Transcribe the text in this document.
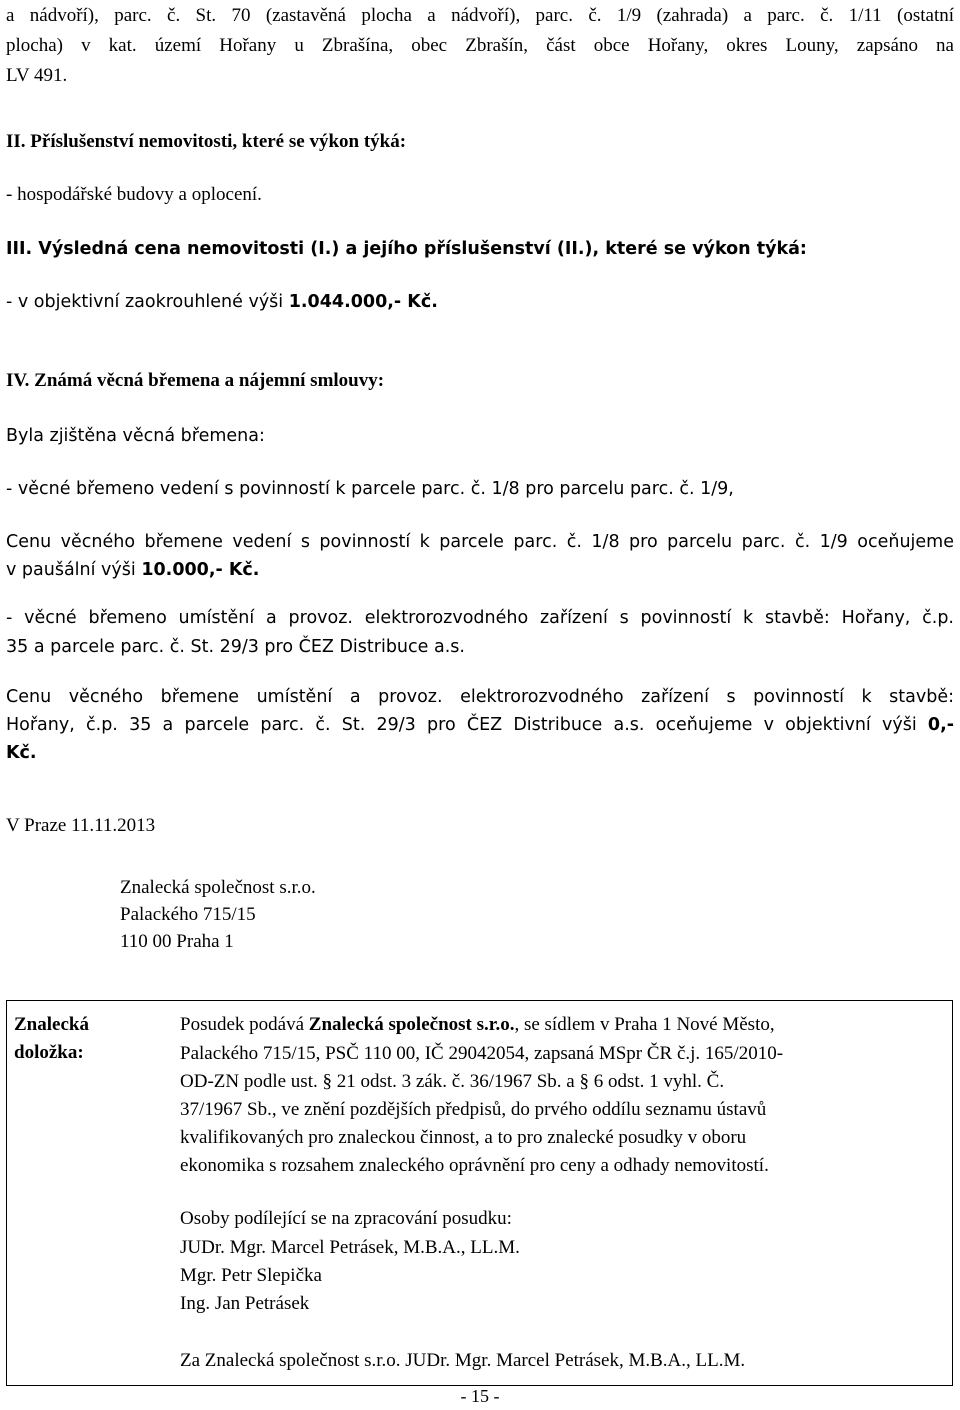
a nádvoří), parc. č. St. 70 (zastavěná plocha a nádvoří), parc. č. 1/9 (zahrada) a parc. č. 1/11 (ostatní
plocha) v kat. území Hořany u Zbrašína, obec Zbrašín, část obce Hořany, okres Louny, zapsáno na
LV 491.
II. Příslušenství nemovitosti, které se výkon týká:
- hospodářské budovy a oplocení.
III. Výsledná cena nemovitosti (I.) a jejího příslušenství (II.), které se výkon týká:
- v objektivní zaokrouhlené výši 1.044.000,- Kč.
IV. Známá věcná břemena a nájemní smlouvy:
Byla zjištěna věcná břemena:
- věcné břemeno vedení s povinností k parcele parc. č. 1/8 pro parcelu parc. č. 1/9,
Cenu věcného břemene vedení s povinností k parcele parc. č. 1/8 pro parcelu parc. č. 1/9 oceňujeme
v paušální výši 10.000,- Kč.
- věcné břemeno umístění a provoz. elektrorozvodného zařízení s povinností k stavbě: Hořany, č.p.
35 a parcele parc. č. St. 29/3 pro ČEZ Distribuce a.s.
Cenu věcného břemene umístění a provoz. elektrorozvodného zařízení s povinností k stavbě:
Hořany, č.p. 35 a parcele parc. č. St. 29/3 pro ČEZ Distribuce a.s. oceňujeme v objektivní výši 0,-
Kč.
V Praze 11.11.2013
Znalecká společnost s.r.o.
Palackého 715/15
110 00 Praha 1
Znalecká
doložka:
Posudek podává Znalecká společnost s.r.o., se sídlem v Praha 1 Nové Město,
Palackého 715/15, PSČ 110 00, IČ 29042054, zapsaná MSpr ČR č.j. 165/2010-
OD-ZN podle ust. § 21 odst. 3 zák. č. 36/1967 Sb. a § 6 odst. 1 vyhl. Č.
37/1967 Sb., ve znění pozdějších předpisů, do prvého oddílu seznamu ústavů
kvalifikovaných pro znaleckou činnost, a to pro znalecké posudky v oboru
ekonomika s rozsahem znaleckého oprávnění pro ceny a odhady nemovitostí.
Osoby podílející se na zpracování posudku:
JUDr. Mgr. Marcel Petrásek, M.B.A., LL.M.
Mgr. Petr Slepička
Ing. Jan Petrásek
Za Znalecká společnost s.r.o. JUDr. Mgr. Marcel Petrásek, M.B.A., LL.M.
- 15 -
